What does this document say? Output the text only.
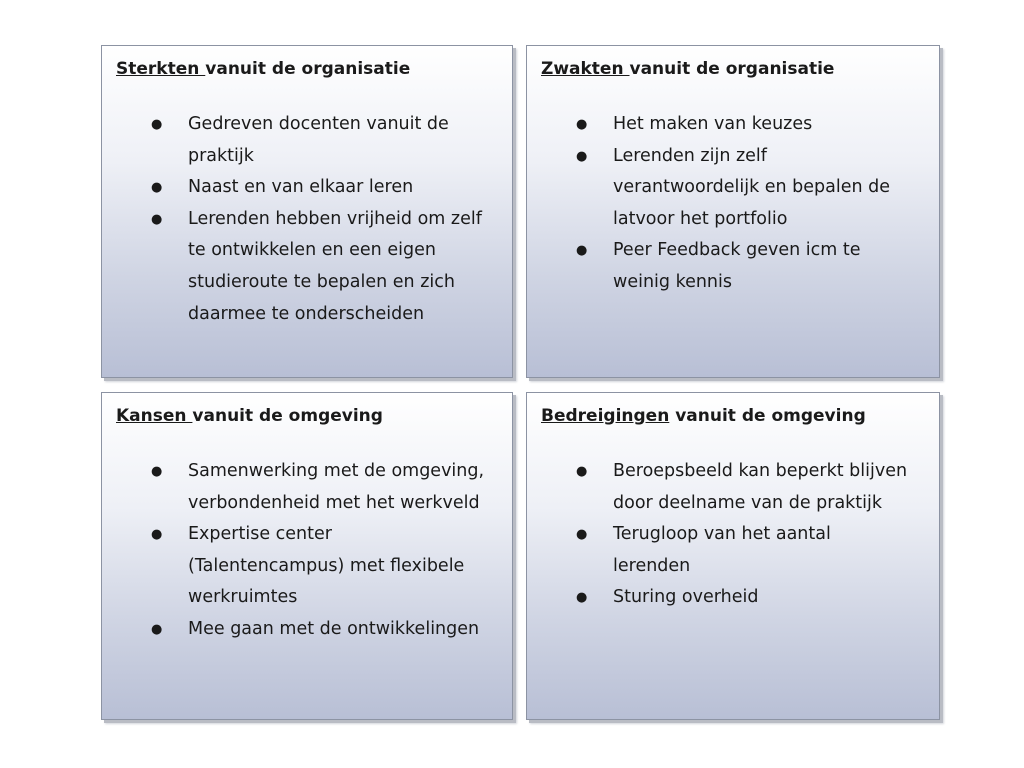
Sterkten vanuit de organisatie
● Gedreven docenten vanuit de
praktijk
● Naast en van elkaar leren
● Lerenden hebben vrijheid om zelf
te ontwikkelen en een eigen
studieroute te bepalen en zich
daarmee te onderscheiden
Zwakten vanuit de organisatie
● Het maken van keuzes
● Lerenden zijn zelf
verantwoordelijk en bepalen de
latvoor het portfolio
● Peer Feedback geven icm te
weinig kennis
Kansen vanuit de omgeving
● Samenwerking met de omgeving,
verbondenheid met het werkveld
● Expertise center
(Talentencampus) met flexibele
werkruimtes
● Mee gaan met de ontwikkelingen
Bedreigingen vanuit de omgeving
● Beroepsbeeld kan beperkt blijven
door deelname van de praktijk
● Terugloop van het aantal
lerenden
● Sturing overheid
